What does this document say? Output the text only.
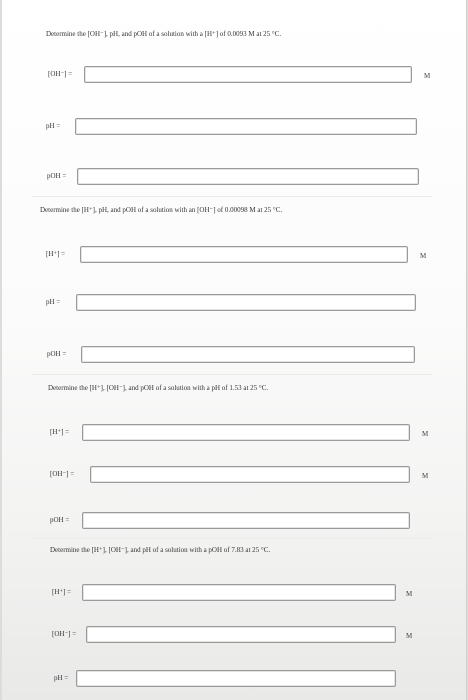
Determine the [OH⁻], pH, and pOH of a solution with a [H⁺] of 0.0093 M at 25 °C.
[OH⁻] =	M
pH =
pOH =
Determine the [H⁺], pH, and pOH of a solution with an [OH⁻] of 0.00098 M at 25 °C.
[H⁺] =	M
pH =
pOH =
Determine the [H⁺], [OH⁻], and pOH of a solution with a pH of 1.53 at 25 °C.
[H⁺] =	M
[OH⁻] =	M
pOH =
Determine the [H⁺], [OH⁻], and pH of a solution with a pOH of 7.83 at 25 °C.
[H⁺] =	M
[OH⁻] =	M
pH =
